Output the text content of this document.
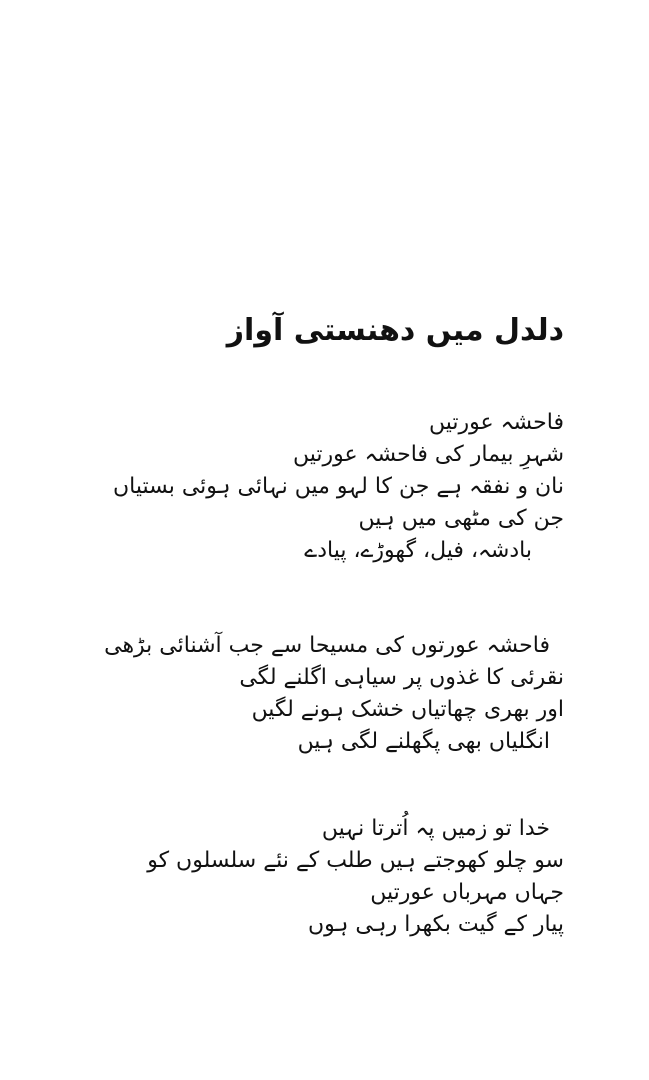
دلدل میں دھنستی آواز
فاحشہ عورتیں
شہرِ بیمار کی فاحشہ عورتیں
نان و نفقہ ہے جن کا لہو میں نہائی ہوئی بستیاں
جن کی مٹھی میں ہیں
بادشہ، فیل، گھوڑے، پیادے
فاحشہ عورتوں کی مسیحا سے جب آشنائی بڑھی
نقرئی کا غذوں پر سیاہی اگلنے لگی
اور بھری چھاتیاں خشک ہونے لگیں
انگلیاں بھی پگھلنے لگی ہیں
خدا تو زمیں پہ اُترتا نہیں
سو چلو کھوجتے ہیں طلب کے نئے سلسلوں کو
جہاں مہرباں عورتیں
پیار کے گیت بکھرا رہی ہوں
